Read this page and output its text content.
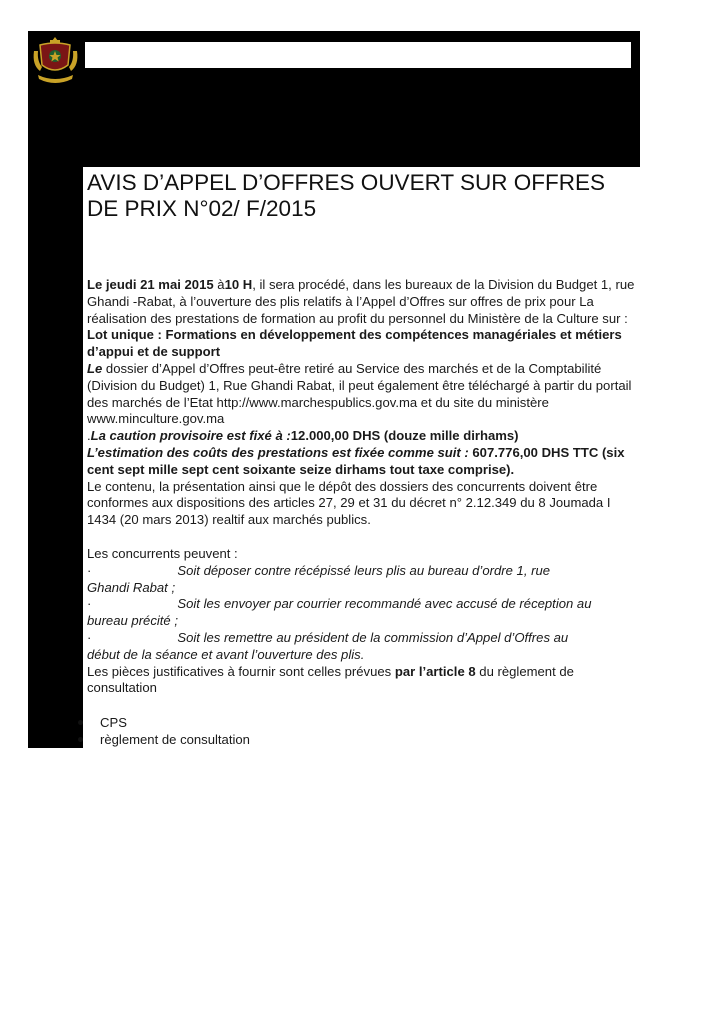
AVIS D’APPEL D’OFFRES OUVERT SUR OFFRES
DE PRIX N°02/ F/2015

Le jeudi 21 mai 2015 à10 H, il sera procédé, dans les bureaux de la Division du Budget 1, rue Ghandi -Rabat, à l’ouverture des plis relatifs à l’Appel d’Offres sur offres de prix pour La réalisation des prestations de formation au profit du personnel du Ministère de la Culture sur :

Lot unique : Formations en développement des compétences managériales et métiers d’appui et de support

Le dossier d’Appel d’Offres peut-être retiré au Service des marchés et de la Comptabilité (Division du Budget) 1, Rue Ghandi Rabat, il peut également être téléchargé à partir du portail des marchés de l’Etat http://www.marchespublics.gov.ma et du site du ministère www.minculture.gov.ma

.La caution provisoire est fixé à :12.000,00 DHS (douze mille dirhams)

L’estimation des coûts des prestations est fixée comme suit : 607.776,00 DHS TTC (six cent sept mille sept cent soixante seize dirhams tout taxe comprise).

Le contenu, la présentation ainsi que le dépôt des dossiers des concurrents doivent être conformes aux dispositions des articles 27, 29 et 31 du décret n° 2.12.349 du 8 Joumada I 1434 (20 mars 2013) realtif aux marchés publics.

Les concurrents peuvent :

·	Soit déposer contre récépissé leurs plis au bureau d’ordre 1, rue

Ghandi Rabat ;

·	Soit les envoyer par courrier recommandé avec accusé de réception au

bureau précité ;

·	Soit les remettre au président de la commission d’Appel d’Offres au

début de la séance et avant l’ouverture des plis.

Les pièces justificatives à fournir sont celles prévues par l’article 8 du règlement de consultation

CPS
règlement de consultation
